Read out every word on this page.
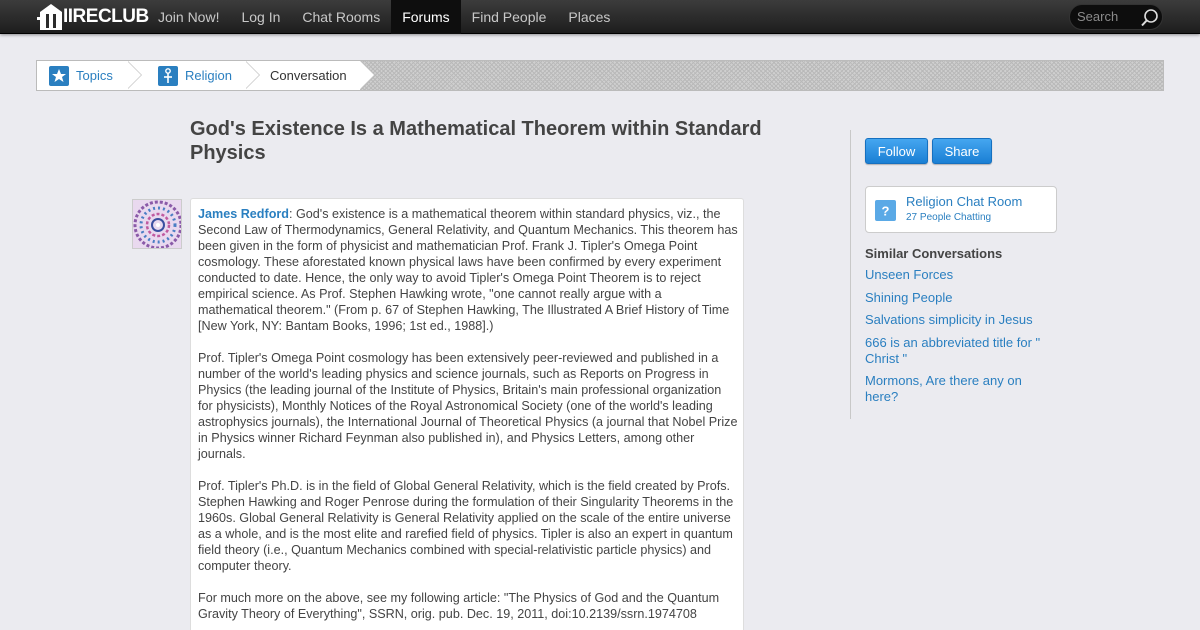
IIRECLUB Join Now!	Log In	Chat Rooms	Forums	Find People	Places
Search
Topics	Religion	Conversation
God's Existence Is a Mathematical Theorem within Standard Physics

James Redford: God's existence is a mathematical theorem within standard physics, viz., the Second Law of Thermodynamics, General Relativity, and Quantum Mechanics. This theorem has been given in the form of physicist and mathematician Prof. Frank J. Tipler's Omega Point cosmology. These aforestated known physical laws have been confirmed by every experiment conducted to date. Hence, the only way to avoid Tipler's Omega Point Theorem is to reject empirical science. As Prof. Stephen Hawking wrote, "one cannot really argue with a mathematical theorem." (From p. 67 of Stephen Hawking, The Illustrated A Brief History of Time [New York, NY: Bantam Books, 1996; 1st ed., 1988].)

Prof. Tipler's Omega Point cosmology has been extensively peer-reviewed and published in a number of the world's leading physics and science journals, such as Reports on Progress in Physics (the leading journal of the Institute of Physics, Britain's main professional organization for physicists), Monthly Notices of the Royal Astronomical Society (one of the world's leading astrophysics journals), the International Journal of Theoretical Physics (a journal that Nobel Prize in Physics winner Richard Feynman also published in), and Physics Letters, among other journals.

Prof. Tipler's Ph.D. is in the field of Global General Relativity, which is the field created by Profs. Stephen Hawking and Roger Penrose during the formulation of their Singularity Theorems in the 1960s. Global General Relativity is General Relativity applied on the scale of the entire universe as a whole, and is the most elite and rarefied field of physics. Tipler is also an expert in quantum field theory (i.e., Quantum Mechanics combined with special-relativistic particle physics) and computer theory.

For much more on the above, see my following article: "The Physics of God and the Quantum Gravity Theory of Everything", SSRN, orig. pub. Dec. 19, 2011, doi:10.2139/ssrn.1974708

Follow	Share
?
Religion Chat Room
27 People Chatting
Similar Conversations
Unseen Forces
Shining People
Salvations simplicity in Jesus
666 is an abbreviated title for " Christ "
Mormons, Are there any on here?
